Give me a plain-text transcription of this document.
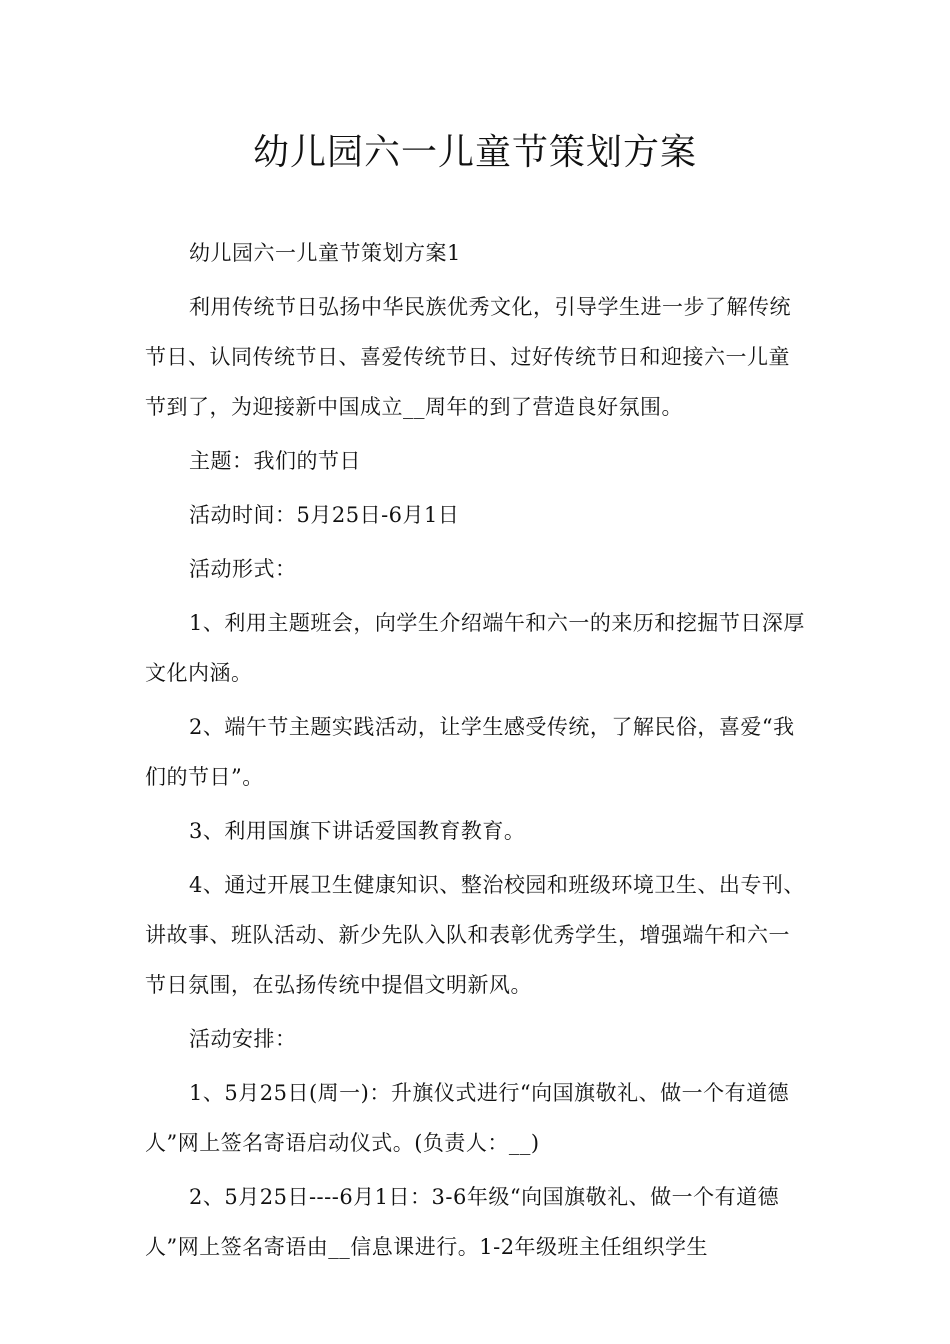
幼儿园六一儿童节策划方案

幼儿园六一儿童节策划方案1

利用传统节日弘扬中华民族优秀文化，引导学生进一步了解传统节日、认同传统节日、喜爱传统节日、过好传统节日和迎接六一儿童节到了，为迎接新中国成立__周年的到了营造良好氛围。

主题：我们的节日

活动时间：5月25日-6月1日

活动形式：

1、利用主题班会，向学生介绍端午和六一的来历和挖掘节日深厚文化内涵。

2、端午节主题实践活动，让学生感受传统，了解民俗，喜爱“我们的节日”。

3、利用国旗下讲话爱国教育教育。

4、通过开展卫生健康知识、整治校园和班级环境卫生、出专刊、讲故事、班队活动、新少先队入队和表彰优秀学生，增强端午和六一节日氛围，在弘扬传统中提倡文明新风。

活动安排：

1、5月25日(周一)：升旗仪式进行“向国旗敬礼、做一个有道德人”网上签名寄语启动仪式。(负责人：__)

2、5月25日----6月1日：3-6年级“向国旗敬礼、做一个有道德人”网上签名寄语由__信息课进行。1-2年级班主任组织学生
